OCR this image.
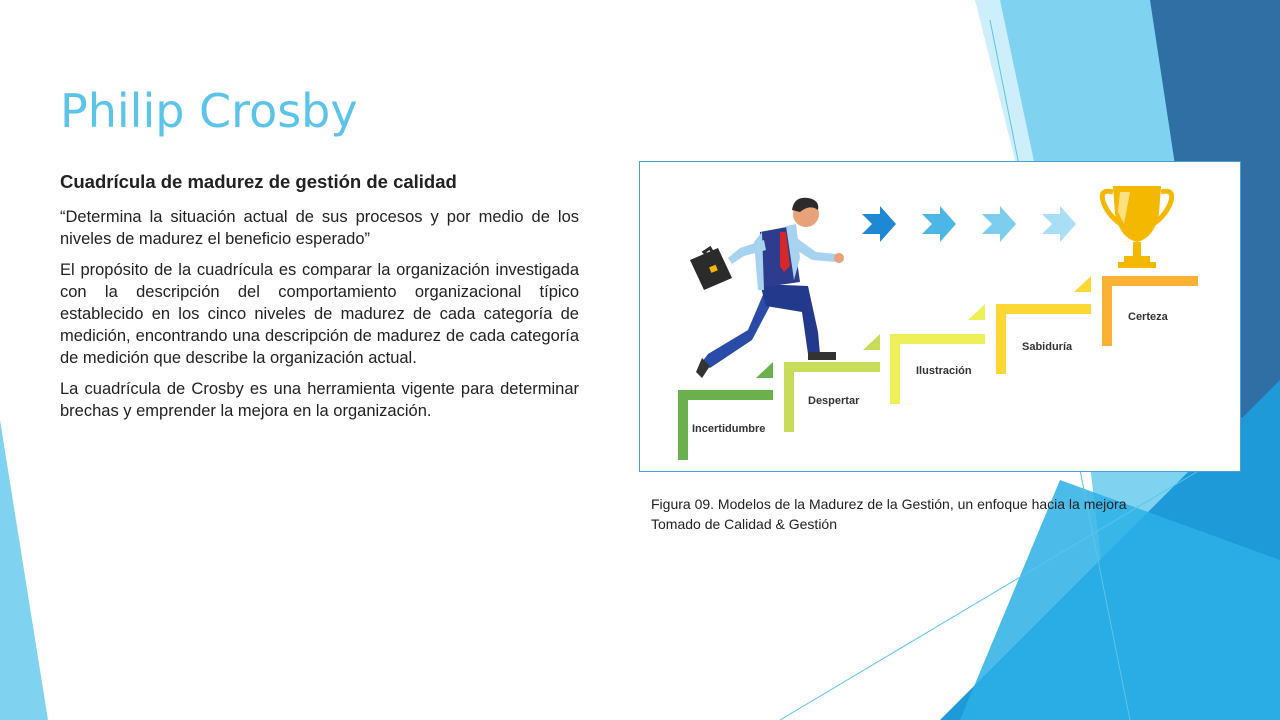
Philip Crosby
Cuadrícula de madurez de gestión de calidad

“Determina la situación actual de sus procesos y por medio de los niveles de madurez el beneficio esperado”

El propósito de la cuadrícula es comparar la organización investigada con la descripción del comportamiento organizacional típico establecido en los cinco niveles de madurez de cada categoría de medición, encontrando una descripción de madurez de cada categoría de medición que describe la organización actual.

La cuadrícula de Crosby es una herramienta vigente para determinar brechas y emprender la mejora en la organización.

Incertidumbre
Despertar
Ilustración
Sabiduría
Certeza
Figura 09. Modelos de la Madurez de la Gestión, un enfoque hacia la mejora
Tomado de Calidad & Gestión
